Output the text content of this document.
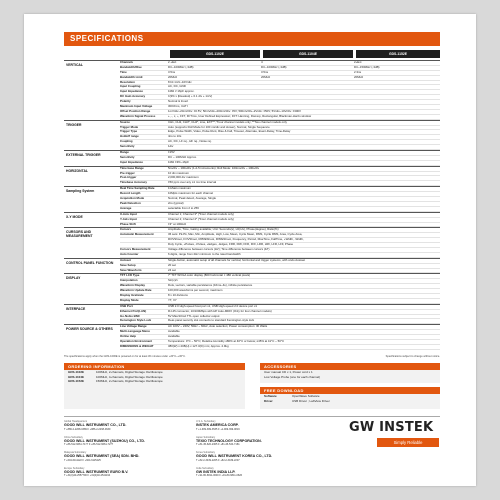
SPECIFICATIONS
GDS-1102E	GDS-1104E	GDS-1152E
VERTICAL
Channels	2 +Ext	4	2+Ext
Bandwidth/Rise	DC~100MHz (-3dB)	DC~100MHz (-3dB)	DC~150MHz (-3dB)
Time	3.5ns	3.5ns	2.3ns
Bandwidth Limit	20MHz	20MHz	20MHz
Resolution	8 bit 1mV~10V/div
Input Coupling	AC, DC, GND
Input Impedance	1MΩ // 16pF approx.
DC Gain Accuracy	±(3% x |Readout| + 0.1 div + 1mV)
Polarity	Normal & Invert
Maximum Input Voltage	300Vrms, CAT I
Offset Position Range	1mV/div~20mV/div: ±0.5V; 50mV/div~200mV/div: ±5V; 500mV/div~2V/div: ±50V; 5V/div~10V/div: ±300V
Waveform Signal Process	+, -, x, ÷, FFT, FFTrms, User Defined Expression; FFT: Hanning, Flat-top, Rectangular, Blackman-Harris window
TRIGGER
Source	CH1, CH2, CH3*, CH4*, Line, EXT**; *Four channel models only; **Two channel models only
Trigger Mode	Auto (supports Roll Mode for 100 ms/div and slower), Normal, Single Sequence
Trigger Type	Edge, Pulse Width, Video, Pulse Runt, Rise & Fall, Timeout, Alternate, Event-Delay, Time-Delay
Holdoff range	4ns to 10s
Coupling	AC, DC, LF rej., HF rej., Noise rej.
Sensitivity	1div
EXTERNAL TRIGGER
Range	±15V
Sensitivity	DC ~ 100MHz Approx.
Input Impedance	1MΩ ±3%~16pF
HORIZONTAL
Time base Range	5ns/div ~ 100s/div (1-2-5 increments); Roll Mode: 100ms/div ~ 100s/div
Pre-trigger	10 div maximum
Post-trigger	2,000,000 div maximum
Timebase Accuracy	±50 ppm over any ≥1 ms time interval
Sampling System
Real Time Sampling Rate	1GSa/s maximum
Record Length	10Mpts maximum for each channel
Acquisition Mode	Normal, Peak detect, Average, Single
Peak Detection	2ns (typical)
Average	selectable from 2 to 256
X-Y MODE
X-Axis Input	Channel 1; Channel 3* (*Four channel models only)
Y-Axis Input	Channel 2; Channel 4* (*Four channel models only)
Phase Shift	±3° at 100kHz
CURSORS AND MEASUREMENT
Cursors	Amplitude, Time, Gating available; Unit: Seconds(s), Hz(1/s), Phase(degree), Ratio(%)
Automatic Measurement	36 sets: Pk-Pk, Max, Min, Amplitude, High, Low, Mean, Cycle Mean, RMS, Cycle RMS, Area, Cycle Area,
ROVShoot, FOVShoot, RPREShoot, FPREShoot, Frequency, Period, RiseTime, FallTime, +Width, -Width,
Duty Cycle, +Pulses, -Pulses, +Edges, -Edges, FRR, FRF, FFR, FFF, LRR, LRF, LFR, LFF, Phase
Cursors Measurement	Voltage difference between cursors (ΔV); Time difference between cursors (ΔT)
Auto Counter	6 digits, range from 2Hz minimum to the rated bandwidth
CONTROL PANEL FUNCTION
Autoset	Single-button, automatic setup of all channels for vertical, horizontal and trigger systems, with undo Autoset
Save Setup	20 set
Save Waveform	24 set
DISPLAY
TFT LCD Type	7" TFT WVGA color display (800 horizontal × 480 vertical pixels)
Interpolation	Sin(x)/x
Waveform Display	Dots, vectors, variable persistence (16ms~4s), infinite persistence
Waveform Update Rate	100,000 waveforms per second, maximum
Display Graticule	8 x 10 divisions
Display Mode	YT, XY
INTERFACE
USB Port	USB 2.0 High-speed host port x1, USB High-speed 2.0 device port x1
Ethernet Port(LAN)	RJ-45 connector, 10/100Mbps with HP Auto-MDIX (Only for four channel models)
Go-NoGo BNC	5V Max/10mA TTL open collector output
Kensington Style Lock	Rear-panel security slot connects to standard Kensington-style lock
POWER SOURCE & OTHERS
Line Voltage Range	AC 100V ~ 240V, 50Hz ~ 60Hz, Auto selection; Power consumption: 30 Watts
Multi-Language Menu	Available
Online Help	Available
Operation Environment	Temperature: 0°C ~ 50°C; Relative Humidity ≤80% at 40°C or below; ≤45% at 41°C ~ 50°C
DIMENSIONS & WEIGHT	380(W) x 208(H) x 127.3(D) mm; Approx. 2.9kg
The specifications apply when the GDS-1000E is powered on for at least 30 minutes under +20°C~+30°C.	Specifications subject to change without notice.
ORDERING INFORMATION
GDS-1102E	100MHz, 2-channels, Digital Storage Oscilloscope
GDS-1104E	100MHz, 4-channels, Digital Storage Oscilloscope
GDS-1152E	150MHz, 2-channels, Digital Storage Oscilloscope
ACCESSORIES
User manual CD x 1, Power cord x 1
Low Voltage Probe (one for each channel)
FREE DOWNLOAD
Software	OpenWave Software
Driver	USB Driver ; LabView Driver
Global Headquarters
GOOD WILL INSTRUMENT CO., LTD.
T +886-2-2268-0389 F +886-2-2268-0639
U.S.A. Subsidiary
INSTEK AMERICA CORP.
T +1-909-399-3535 F +1-909-399-0819
China Subsidiary
GOOD WILL INSTRUMENT (SUZHOU) CO., LTD.
T +86-512-6661-7177 F +86-512-6661-7277
Japan Subsidiary
TEXIO TECHNOLOGY CORPORATION.
T +81-45-620-2305 F +81-45-534-7181
Malaysia Subsidiary
GOOD WILL INSTRUMENT (SEA) SDN. BHD.
T +604-6111122 F +604-6115225
Korea Subsidiary
GOOD WILL INSTRUMENT KOREA CO., LTD.
T +82-2-3439-2205 F +82-2-3439-2207
Europe Subsidiary
GOOD WILL INSTRUMENT EURO B.V.
T +31(0)40-2557790 F +31(0)40-2541194
India Subsidiary
GW INSTEK INDIA LLP.
T +91-80-6811-0600 F +91-80-6811-0626
GW INSTEK
Simply Reliable
